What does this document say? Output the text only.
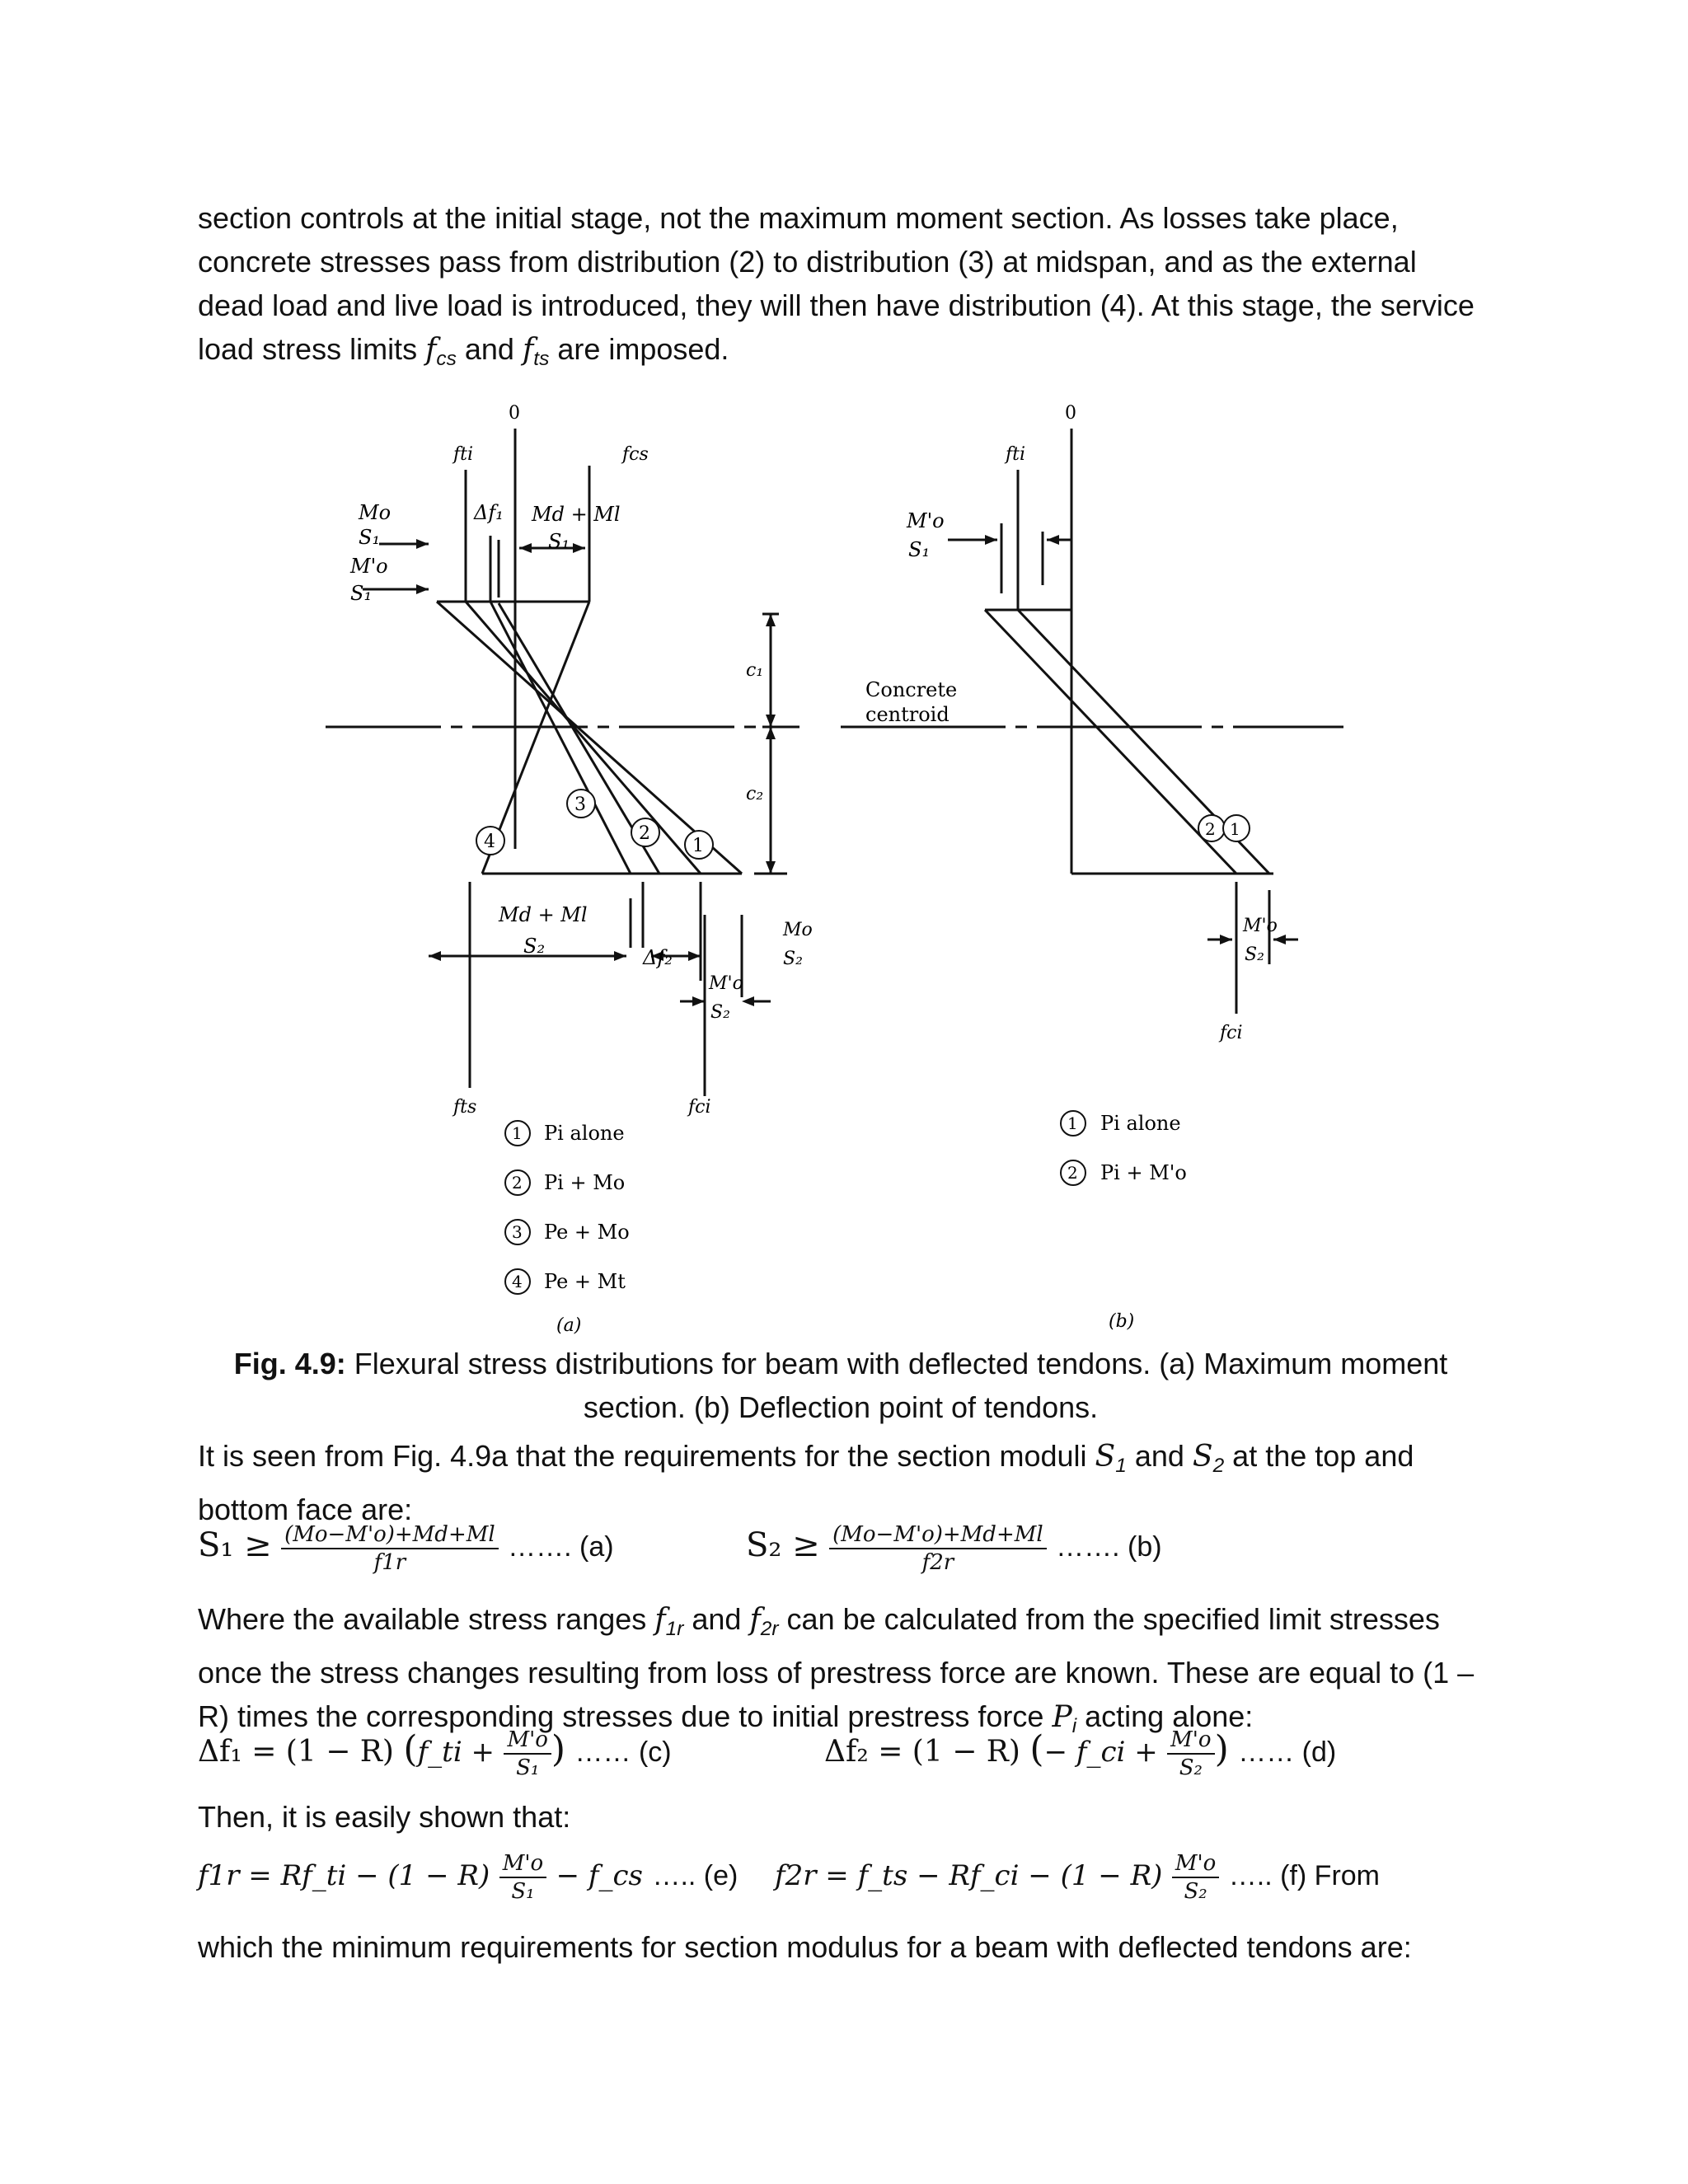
section controls at the initial stage, not the maximum moment section. As losses take place, concrete stresses pass from distribution (2) to distribution (3) at midspan, and as the external dead load and live load is introduced, they will then have distribution (4). At this stage, the service load stress limits $f_{cs}$ and $f_{ts}$ are imposed.

0
fti	fcs
Δf₁ Md + Ml
S₁
Mo
S₁
M'o
S₁
c₁
c₂
Md + Ml
S₂	Δf₂
Mo
S₂
M'o
S₂
fts	fci
3
2
1
4
1
2
3
4
Pi alone
Pi + Mo
Pe + Mo
Pe + Mt
(a)
Concrete
centroid
0
fti
M'o
S₁
M'o
S₂
fci
2 1
1
2
Pi alone
Pi + M'o
(b)
Fig. 4.9: Flexural stress distributions for beam with deflected tendons. (a) Maximum moment section. (b) Deflection point of tendons.

It is seen from Fig. 4.9a that the requirements for the section moduli $S_1$ and $S_2$ at the top and bottom face are:

$S_1 \ge \frac{(Mo-M'o)+Md+Ml}{f1r}$ ……. (a)	$S_2 \ge \frac{(Mo-M'o)+Md+Ml}{f2r}$ ……. (b)

Where the available stress ranges $f_{1r}$ and $f_{2r}$ can be calculated from the specified limit stresses once the stress changes resulting from loss of prestress force are known. These are equal to (1 – R) times the corresponding stresses due to initial prestress force $P_i$ acting alone:

Δf₁ = (1 − R) (f_ti + $\frac{M'o}{\text{S₁}}$ ) …… (c)	Δf₂ = (1 − R) (− f_ci + $\frac{M'o}{\text{S₂}}$ ) …… (d)

Then, it is easily shown that:

f1r = Rf_ti − $(1 - R) \frac{M'o}{\text{S₁}}$ − f_cs ….. (e) f2r = f_ts − Rf_ci − $(1 - R) \frac{M'o}{\text{S₂}}$ ….. (f) From

which the minimum requirements for section modulus for a beam with deflected tendons are:
